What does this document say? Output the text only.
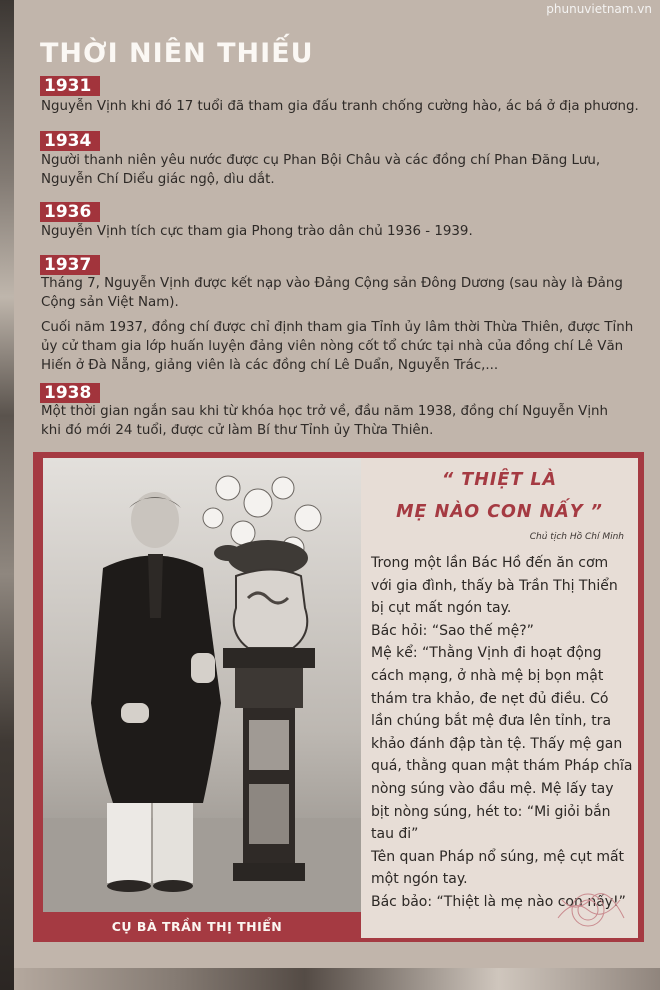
phunuvietnam.vn
THỜI NIÊN THIẾU
1931

Nguyễn Vịnh khi đó 17 tuổi đã tham gia đấu tranh chống cường hào, ác bá ở địa phương.

1934

Người thanh niên yêu nước được cụ Phan Bội Châu và các đồng chí Phan Đăng Lưu, Nguyễn Chí Diểu giác ngộ, dìu dắt.

1936

Nguyễn Vịnh tích cực tham gia Phong trào dân chủ 1936 - 1939.

1937

Tháng 7, Nguyễn Vịnh được kết nạp vào Đảng Cộng sản Đông Dương (sau này là Đảng Cộng sản Việt Nam).

Cuối năm 1937, đồng chí được chỉ định tham gia Tỉnh ủy lâm thời Thừa Thiên, được Tỉnh ủy cử tham gia lớp huấn luyện đảng viên nòng cốt tổ chức tại nhà của đồng chí Lê Văn Hiến ở Đà Nẵng, giảng viên là các đồng chí Lê Duẩn, Nguyễn Trác,...

1938

Một thời gian ngắn sau khi từ khóa học trở về, đầu năm 1938, đồng chí Nguyễn Vịnh khi đó mới 24 tuổi, được cử làm Bí thư Tỉnh ủy Thừa Thiên.

CỤ BÀ TRẦN THỊ THIỂN
“ THIỆT LÀ
MẸ NÀO CON NẤY ”
Chủ tịch Hồ Chí Minh

Trong một lần Bác Hồ đến ăn cơm với gia đình, thấy bà Trần Thị Thiển bị cụt mất ngón tay.

Bác hỏi: “Sao thế mệ?”

Mệ kể: “Thằng Vịnh đi hoạt động cách mạng, ở nhà mệ bị bọn mật thám tra khảo, đe nẹt đủ điều. Có lần chúng bắt mệ đưa lên tỉnh, tra khảo đánh đập tàn tệ. Thấy mệ gan quá, thằng quan mật thám Pháp chĩa nòng súng vào đầu mệ. Mệ lấy tay bịt nòng súng, hét to: “Mi giỏi bắn tau đi”

Tên quan Pháp nổ súng, mệ cụt mất một ngón tay.

Bác bảo: “Thiệt là mẹ nào con nấy!”
